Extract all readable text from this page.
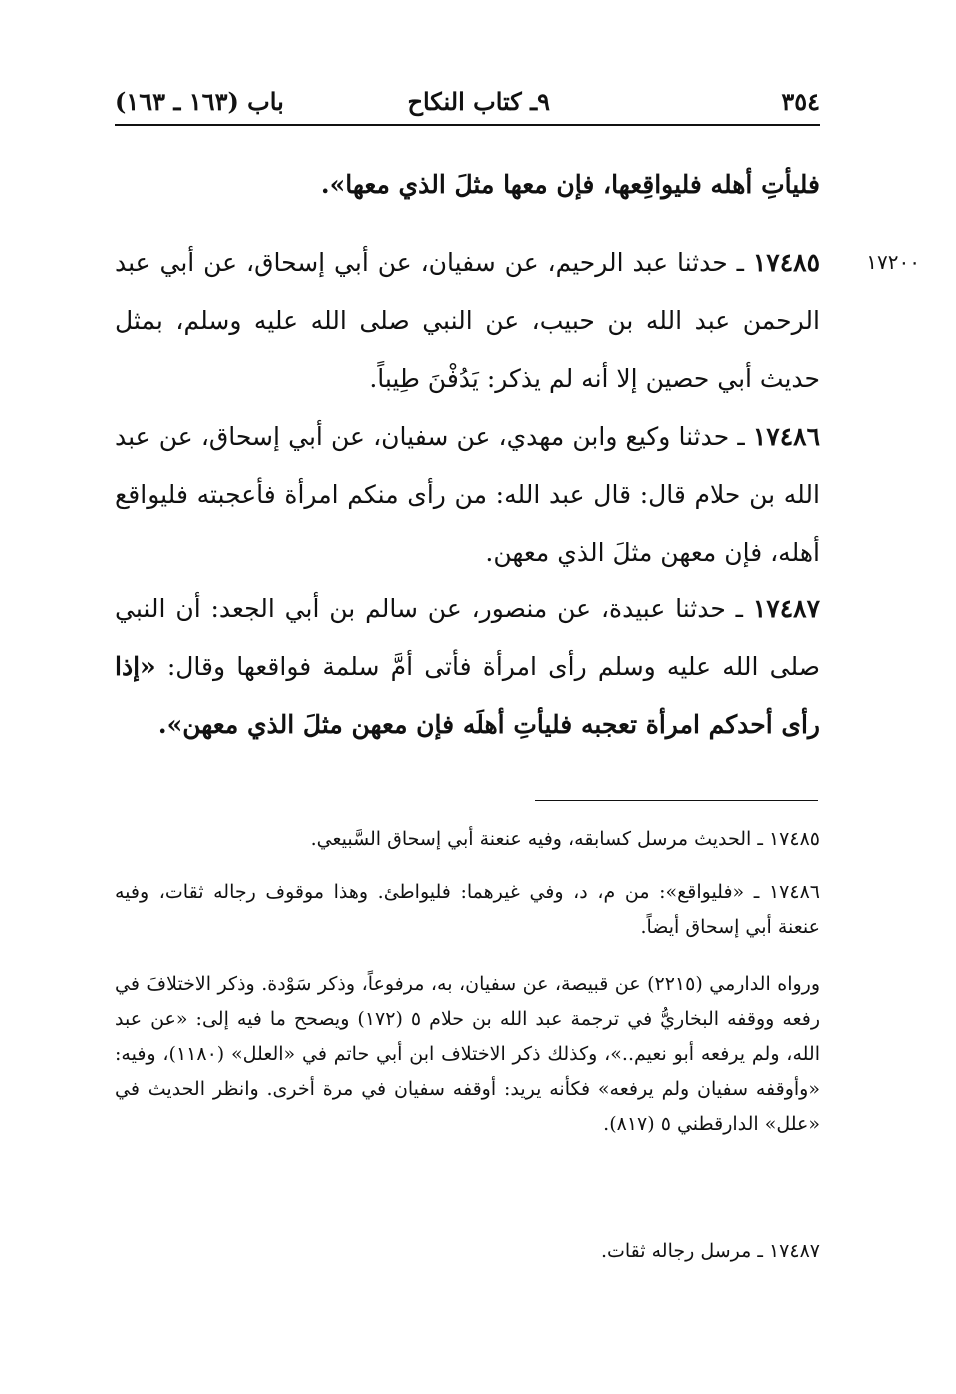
٣٥٤
٩ـ كتاب النكاح
باب (١٦٣ ـ ١٦٣)
فليأتِ أهله فليواقِعها، فإن معها مثلَ الذي معها».
١٧٢٠٠
١٧٤٨٥ ـ حدثنا عبد الرحيم، عن سفيان، عن أبي إسحاق، عن أبي عبد الرحمن عبد الله بن حبيب، عن النبي صلى الله عليه وسلم، بمثل حديث أبي حصين إلا أنه لم يذكر: يَدُفْنَ طِيباً.
١٧٤٨٦ ـ حدثنا وكيع وابن مهدي، عن سفيان، عن أبي إسحاق، عن عبد الله بن حلام قال: قال عبد الله: من رأى منكم امرأة فأعجبته فليواقع أهله، فإن معهن مثلَ الذي معهن.
١٧٤٨٧ ـ حدثنا عبيدة، عن منصور، عن سالم بن أبي الجعد: أن النبي صلى الله عليه وسلم رأى امرأة فأتى أمَّ سلمة فواقعها وقال: «إذا رأى أحدكم امرأة تعجبه فليأتِ أهلَه فإن معهن مثلَ الذي معهن».
١٧٤٨٥ ـ الحديث مرسل كسابقه، وفيه عنعنة أبي إسحاق السَّبيعي.
١٧٤٨٦ ـ «فليواقع»: من م، د، وفي غيرهما: فليواطئ. وهذا موقوف رجاله ثقات، وفيه عنعنة أبي إسحاق أيضاً.
ورواه الدارمي (٢٢١٥) عن قبيصة، عن سفيان، به، مرفوعاً، وذكر سَوْدة. وذكر الاختلافَ في رفعه ووقفه البخاريُّ في ترجمة عبد الله بن حلام ٥ (١٧٢) ويصحح ما فيه إلى: «عن عبد الله، ولم يرفعه أبو نعيم..»، وكذلك ذكر الاختلاف ابن أبي حاتم في «العلل» (١١٨٠)، وفيه: «وأوقفه سفيان ولم يرفعه» فكأنه يريد: أوقفه سفيان في مرة أخرى. وانظر الحديث في «علل» الدارقطني ٥ (٨١٧).
١٧٤٨٧ ـ مرسل رجاله ثقات.
